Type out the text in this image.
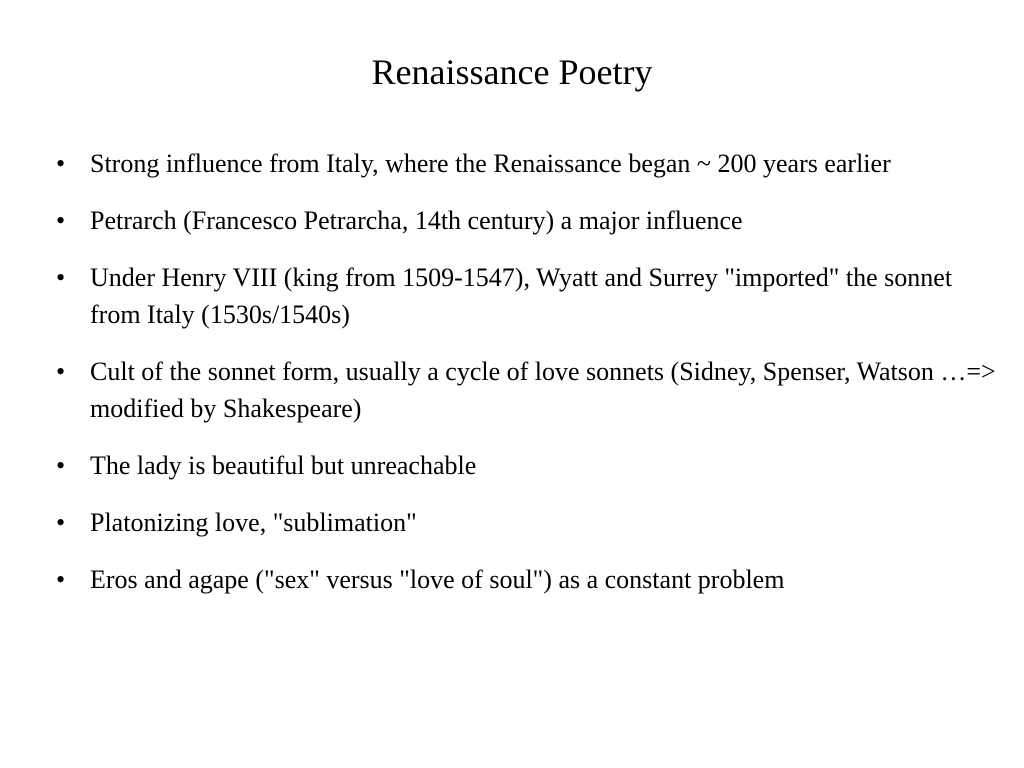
Renaissance Poetry
• Strong influence from Italy, where the Renaissance began ~ 200 years earlier
• Petrarch (Francesco Petrarcha, 14th century) a major influence
• Under Henry VIII (king from 1509-1547), Wyatt and Surrey "imported" the sonnet from Italy (1530s/1540s)
• Cult of the sonnet form, usually a cycle of love sonnets (Sidney, Spenser, Watson …=> modified by Shakespeare)
• The lady is beautiful but unreachable
• Platonizing love, "sublimation"
• Eros and agape ("sex" versus "love of soul") as a constant problem
